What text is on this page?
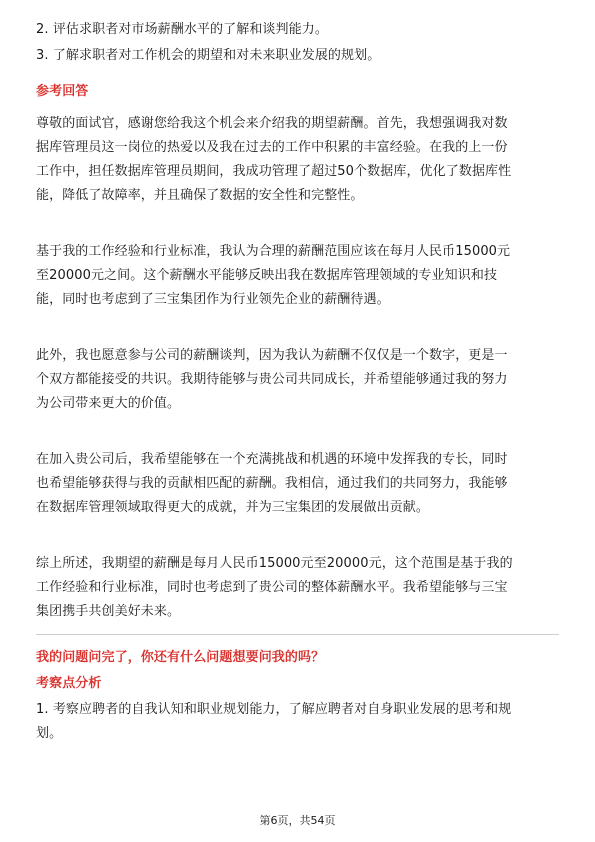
2. 评估求职者对市场薪酬水平的了解和谈判能力。
3. 了解求职者对工作机会的期望和对未来职业发展的规划。
参考回答
尊敬的面试官，感谢您给我这个机会来介绍我的期望薪酬。首先，我想强调我对数
据库管理员这一岗位的热爱以及我在过去的工作中积累的丰富经验。在我的上一份
工作中，担任数据库管理员期间，我成功管理了超过50个数据库，优化了数据库性
能，降低了故障率，并且确保了数据的安全性和完整性。
基于我的工作经验和行业标准，我认为合理的薪酬范围应该在每月人民币15000元
至20000元之间。这个薪酬水平能够反映出我在数据库管理领域的专业知识和技
能，同时也考虑到了三宝集团作为行业领先企业的薪酬待遇。
此外，我也愿意参与公司的薪酬谈判，因为我认为薪酬不仅仅是一个数字，更是一
个双方都能接受的共识。我期待能够与贵公司共同成长，并希望能够通过我的努力
为公司带来更大的价值。
在加入贵公司后，我希望能够在一个充满挑战和机遇的环境中发挥我的专长，同时
也希望能够获得与我的贡献相匹配的薪酬。我相信，通过我们的共同努力，我能够
在数据库管理领域取得更大的成就，并为三宝集团的发展做出贡献。
综上所述，我期望的薪酬是每月人民币15000元至20000元，这个范围是基于我的
工作经验和行业标准，同时也考虑到了贵公司的整体薪酬水平。我希望能够与三宝
集团携手共创美好未来。
我的问题问完了，你还有什么问题想要问我的吗？
考察点分析
1. 考察应聘者的自我认知和职业规划能力，了解应聘者对自身职业发展的思考和规
划。
第6页，共54页
